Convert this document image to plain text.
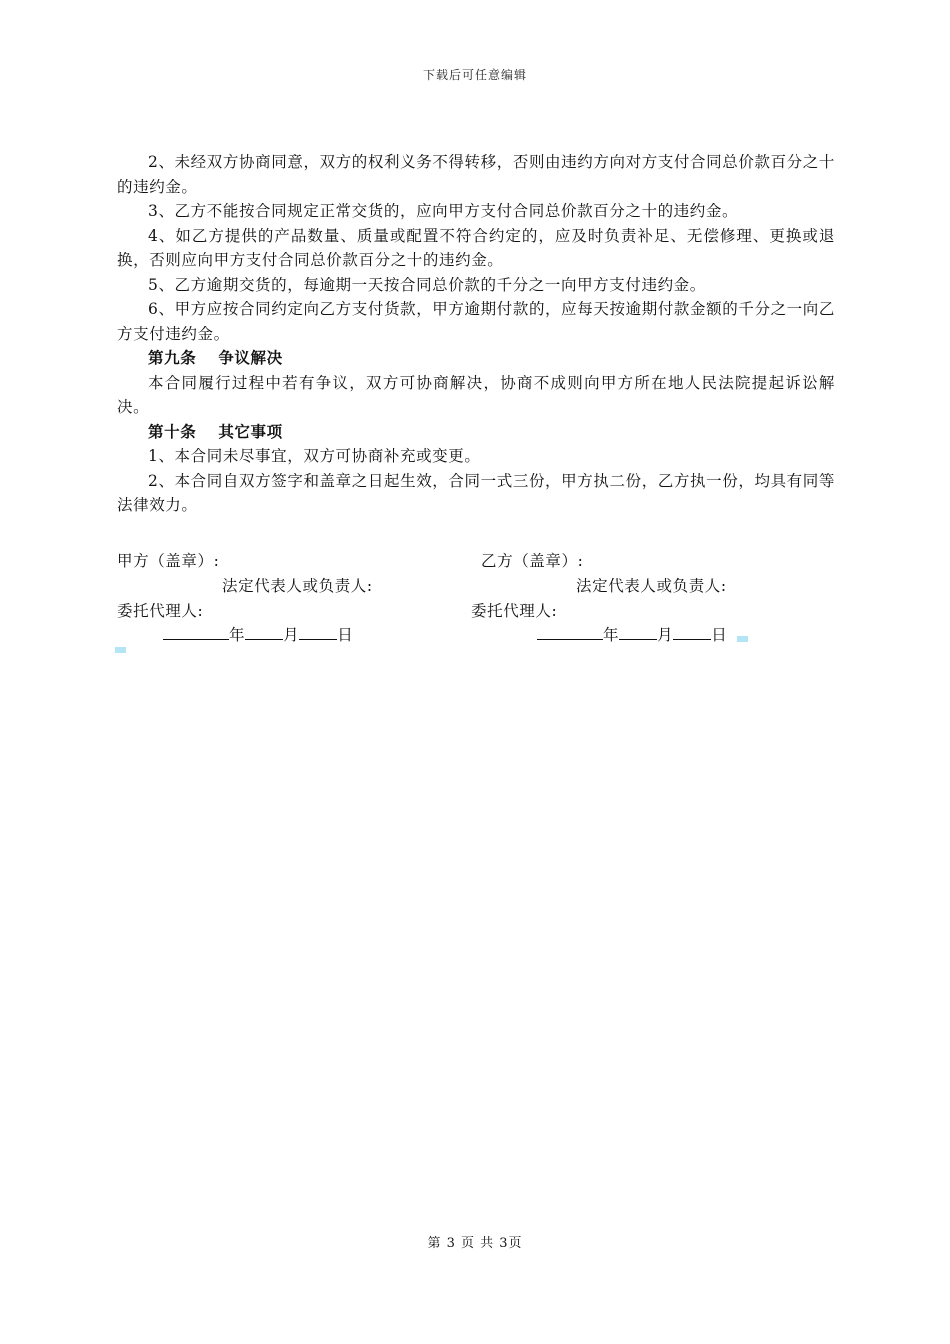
下载后可任意编辑

2、未经双方协商同意，双方的权利义务不得转移，否则由违约方向对方支付合同总价款百分之十的违约金。

3、乙方不能按合同规定正常交货的，应向甲方支付合同总价款百分之十的违约金。

4、如乙方提供的产品数量、质量或配置不符合约定的，应及时负责补足、无偿修理、更换或退换，否则应向甲方支付合同总价款百分之十的违约金。

5、乙方逾期交货的，每逾期一天按合同总价款的千分之一向甲方支付违约金。

6、甲方应按合同约定向乙方支付货款，甲方逾期付款的，应每天按逾期付款金额的千分之一向乙方支付违约金。

第九条 争议解决

本合同履行过程中若有争议，双方可协商解决，协商不成则向甲方所在地人民法院提起诉讼解决。

第十条 其它事项

1、本合同未尽事宜，双方可协商补充或变更。

2、本合同自双方签字和盖章之日起生效，合同一式三份，甲方执二份，乙方执一份，均具有同等法律效力。

甲方（盖章）:	乙方（盖章）:
法定代表人或负责人:	法定代表人或负责人:
委托代理人:	委托代理人:
年 月 日	年 月 日
第 3 页 共 3页
